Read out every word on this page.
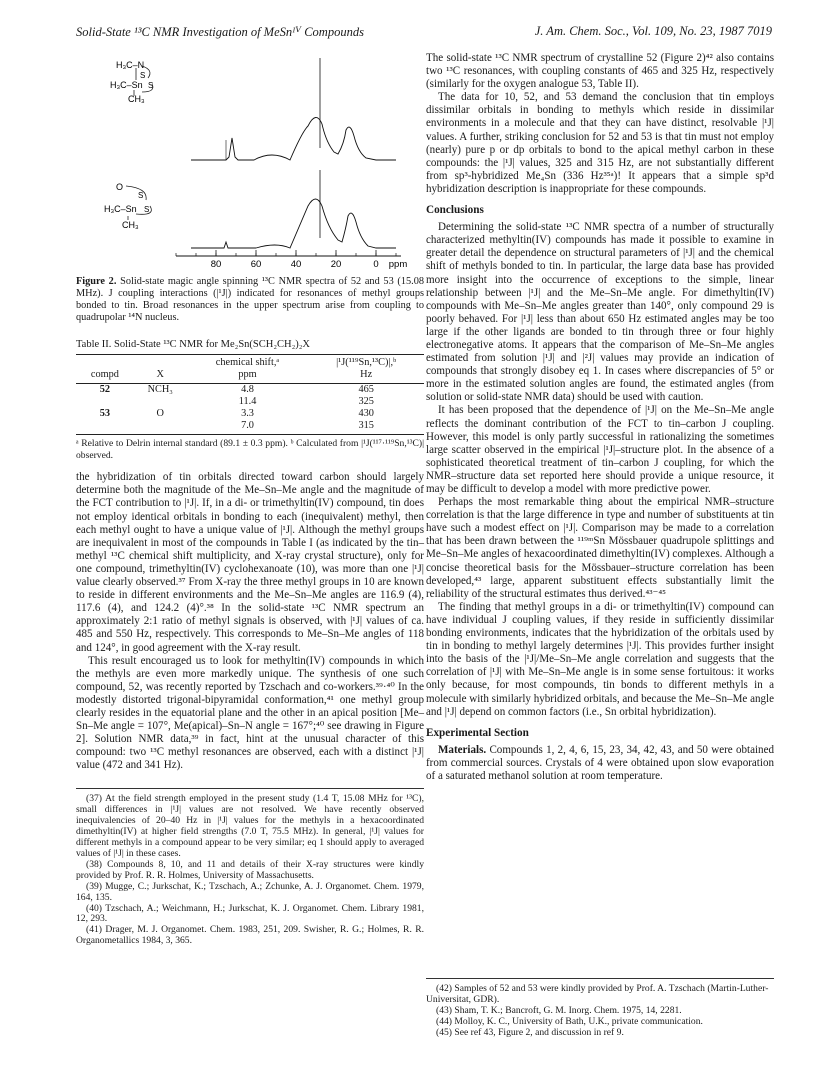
Solid-State ¹³C NMR Investigation of MeSnᴵⱽ Compounds	J. Am. Chem. Soc., Vol. 109, No. 23, 1987 7019
H₃C–N
H₃C–Sn
S
S
CH₃
O
H₃C–Sn
S
S
CH₃
80	60	40	20	0 ppm
Figure 2. Solid-state magic angle spinning ¹³C NMR spectra of 52 and 53 (15.08 MHz). J coupling interactions (|¹J|) indicated for resonances of methyl groups bonded to tin. Broad resonances in the upper spectrum arise from coupling to quadrupolar ¹⁴N nucleus.
Table II. Solid-State ¹³C NMR for Me₂Sn(SCH₂CH₂)₂X
		chemical shift,ᵃ	|¹J(¹¹⁹Sn,¹³C)|,ᵇ
compd	X	ppm	Hz
52	NCH₃	4.8	465
		11.4	325
53	O	3.3	430
		7.0	315
ᵃ Relative to Delrin internal standard (89.1 ± 0.3 ppm). ᵇ Calculated from |¹J(¹¹⁷·¹¹⁹Sn,¹³C)| observed.
the hybridization of tin orbitals directed toward carbon should largely determine both the magnitude of the Me–Sn–Me angle and the magnitude of the FCT contribution to |¹J|. If, in a di- or trimethyltin(IV) compound, tin does not employ identical orbitals in bonding to each (inequivalent) methyl, then each methyl ought to have a unique value of |¹J|. Although the methyl groups are inequivalent in most of the compounds in Table I (as indicated by the tin–methyl ¹³C chemical shift multiplicity, and X-ray crystal structure), only for one compound, trimethyltin(IV) cyclohexanoate (10), was more than one |¹J| value clearly observed.³⁷ From X-ray the three methyl groups in 10 are known to reside in different environments and the Me–Sn–Me angles are 116.9 (4), 117.6 (4), and 124.2 (4)°.³⁸ In the solid-state ¹³C NMR spectrum an approximately 2:1 ratio of methyl signals is observed, with |¹J| values of ca. 485 and 550 Hz, respectively. This corresponds to Me–Sn–Me angles of 118 and 124°, in good agreement with the X-ray result.
This result encouraged us to look for methyltin(IV) compounds in which the methyls are even more markedly unique. The synthesis of one such compound, 52, was recently reported by Tzschach and co-workers.³⁹·⁴⁰ In the modestly distorted trigonal-bipyramidal conformation,⁴¹ one methyl group clearly resides in the equatorial plane and the other in an apical position [Me–Sn–Me angle = 107°, Me(apical)–Sn–N angle = 167°;⁴⁰ see drawing in Figure 2]. Solution NMR data,³⁹ in fact, hint at the unusual character of this compound: two ¹³C methyl resonances are observed, each with a distinct |¹J| value (472 and 341 Hz).
(37) At the field strength employed in the present study (1.4 T, 15.08 MHz for ¹³C), small differences in |¹J| values are not resolved. We have recently observed inequivalencies of 20–40 Hz in |¹J| values for the methyls in a hexacoordinated dimethyltin(IV) at higher field strengths (7.0 T, 75.5 MHz). In general, |¹J| values for different methyls in a compound appear to be very similar; eq 1 should apply to averaged values of |¹J| in these cases.
(38) Compounds 8, 10, and 11 and details of their X-ray structures were kindly provided by Prof. R. R. Holmes, University of Massachusetts.
(39) Mugge, C.; Jurkschat, K.; Tzschach, A.; Zchunke, A. J. Organomet. Chem. 1979, 164, 135.
(40) Tzschach, A.; Weichmann, H.; Jurkschat, K. J. Organomet. Chem. Library 1981, 12, 293.
(41) Drager, M. J. Organomet. Chem. 1983, 251, 209. Swisher, R. G.; Holmes, R. R. Organometallics 1984, 3, 365.
The solid-state ¹³C NMR spectrum of crystalline 52 (Figure 2)⁴² also contains two ¹³C resonances, with coupling constants of 465 and 325 Hz, respectively (similarly for the oxygen analogue 53, Table II).
The data for 10, 52, and 53 demand the conclusion that tin employs dissimilar orbitals in bonding to methyls which reside in dissimilar environments in a molecule and that they can have distinct, resolvable |¹J| values. A further, striking conclusion for 52 and 53 is that tin must not employ (nearly) pure p or dp orbitals to bond to the apical methyl carbon in these compounds: the |¹J| values, 325 and 315 Hz, are not substantially different from sp³-hybridized Me₄Sn (336 Hz³⁵ᵃ)! It appears that a simple sp³d hybridization description is inappropriate for these compounds.
Conclusions
Determining the solid-state ¹³C NMR spectra of a number of structurally characterized methyltin(IV) compounds has made it possible to examine in greater detail the dependence on structural parameters of |¹J| and the chemical shift of methyls bonded to tin. In particular, the large data base has provided more insight into the occurrence of exceptions to the simple, linear relationship between |¹J| and the Me–Sn–Me angle. For dimethyltin(IV) compounds with Me–Sn–Me angles greater than 140°, only compound 29 is poorly behaved. For |¹J| less than about 650 Hz estimated angles may be too large if the other ligands are bonded to tin through three or four highly electronegative atoms. It appears that the comparison of Me–Sn–Me angles estimated from solution |¹J| and |²J| values may provide an indication of compounds that strongly disobey eq 1. In cases where discrepancies of 5° or more in the estimated solution angles are found, the estimated angles (from solution or solid-state NMR data) should be used with caution.
It has been proposed that the dependence of |¹J| on the Me–Sn–Me angle reflects the dominant contribution of the FCT to tin–carbon J coupling. However, this model is only partly successful in rationalizing the sometimes large scatter observed in the empirical |¹J|–structure plot. In the absence of a sophisticated theoretical treatment of tin–carbon J coupling, for which the NMR–structure data set reported here should provide a unique resource, it may be difficult to develop a model with more predictive power.
Perhaps the most remarkable thing about the empirical NMR–structure correlation is that the large difference in type and number of substituents at tin have such a modest effect on |¹J|. Comparison may be made to a correlation that has been drawn between the ¹¹⁹ᵐSn Mössbauer quadrupole splittings and Me–Sn–Me angles of hexacoordinated dimethyltin(IV) complexes. Although a concise theoretical basis for the Mössbauer–structure correlation has been developed,⁴³ large, apparent substituent effects substantially limit the reliability of the structural estimates thus derived.⁴³⁻⁴⁵
The finding that methyl groups in a di- or trimethyltin(IV) compound can have individual J coupling values, if they reside in sufficiently dissimilar bonding environments, indicates that the hybridization of the orbitals used by tin in bonding to methyl largely determines |¹J|. This provides further insight into the basis of the |¹J|/Me–Sn–Me angle correlation and suggests that the correlation of |¹J| with Me–Sn–Me angle is in some sense fortuitous: it works only because, for most compounds, tin bonds to different methyls in a molecule with similarly hybridized orbitals, and because the Me–Sn–Me angle and |¹J| depend on common factors (i.e., Sn orbital hybridization).
Experimental Section
Materials. Compounds 1, 2, 4, 6, 15, 23, 34, 42, 43, and 50 were obtained from commercial sources. Crystals of 4 were obtained upon slow evaporation of a saturated methanol solution at room temperature.
(42) Samples of 52 and 53 were kindly provided by Prof. A. Tzschach (Martin-Luther-Universitat, GDR).
(43) Sham, T. K.; Bancroft, G. M. Inorg. Chem. 1975, 14, 2281.
(44) Molloy, K. C., University of Bath, U.K., private communication.
(45) See ref 43, Figure 2, and discussion in ref 9.
